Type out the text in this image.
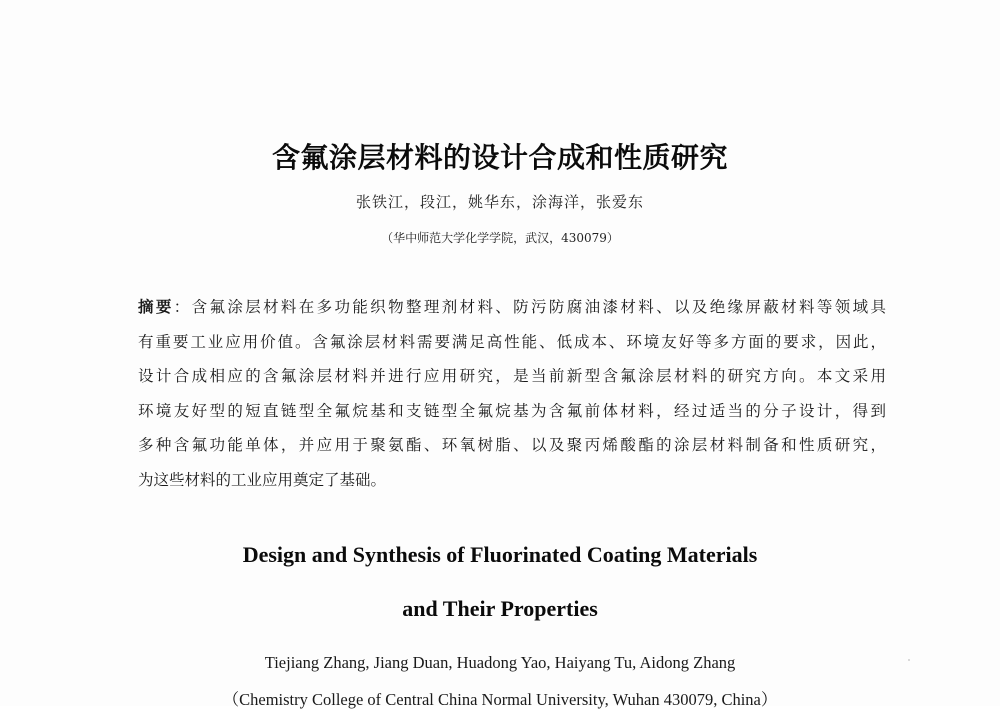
含氟涂层材料的设计合成和性质研究
张铁江，段江，姚华东，涂海洋，张爱东
（华中师范大学化学学院，武汉，430079）
摘要：含氟涂层材料在多功能织物整理剂材料、防污防腐油漆材料、以及绝缘屏蔽材料等领域具
有重要工业应用价值。含氟涂层材料需要满足高性能、低成本、环境友好等多方面的要求，因此，
设计合成相应的含氟涂层材料并进行应用研究，是当前新型含氟涂层材料的研究方向。本文采用
环境友好型的短直链型全氟烷基和支链型全氟烷基为含氟前体材料，经过适当的分子设计，得到
多种含氟功能单体，并应用于聚氨酯、环氧树脂、以及聚丙烯酸酯的涂层材料制备和性质研究，
为这些材料的工业应用奠定了基础。
Design and Synthesis of Fluorinated Coating Materials
and Their Properties
Tiejiang Zhang, Jiang Duan, Huadong Yao, Haiyang Tu, Aidong Zhang
（Chemistry College of Central China Normal University, Wuhan 430079, China）
